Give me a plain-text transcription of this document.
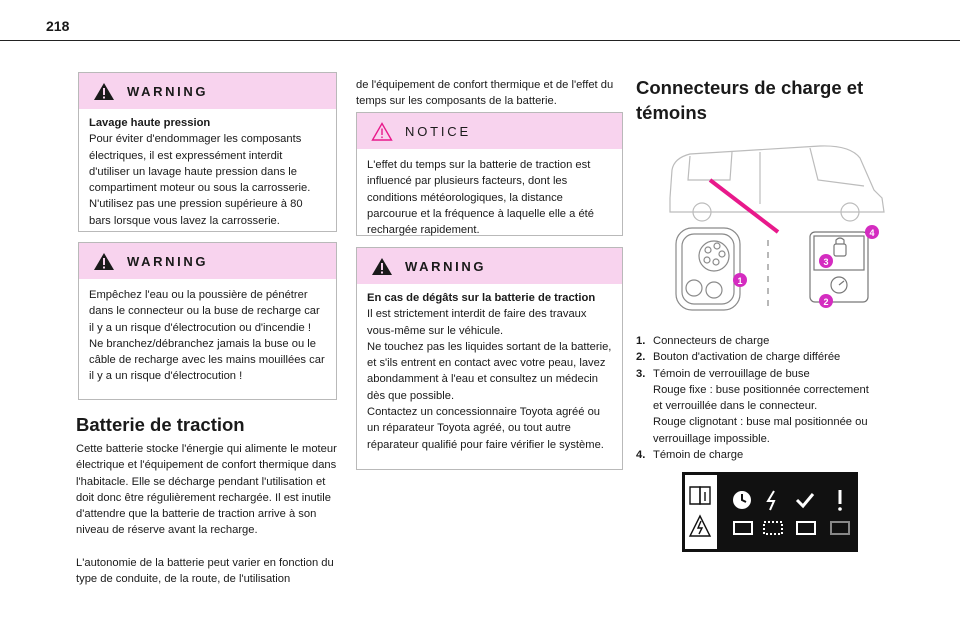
218
WARNING

Lavage haute pression

Pour éviter d'endommager les composants électriques, il est expressément interdit d'utiliser un lavage haute pression dans le compartiment moteur ou sous la carrosserie. N'utilisez pas une pression supérieure à 80 bars lorsque vous lavez la carrosserie.

WARNING

Empêchez l'eau ou la poussière de pénétrer dans le connecteur ou la buse de recharge car il y a un risque d'électrocution ou d'incendie !

Ne branchez/débranchez jamais la buse ou le câble de recharge avec les mains mouillées car il y a un risque d'électrocution !

Batterie de traction

Cette batterie stocke l'énergie qui alimente le moteur électrique et l'équipement de confort thermique dans l'habitacle. Elle se décharge pendant l'utilisation et doit donc être régulièrement rechargée. Il est inutile d'attendre que la batterie de traction arrive à son niveau de réserve avant la recharge.

L'autonomie de la batterie peut varier en fonction du type de conduite, de la route, de l'utilisation

de l'équipement de confort thermique et de l'effet du temps sur les composants de la batterie.

NOTICE

L'effet du temps sur la batterie de traction est influencé par plusieurs facteurs, dont les conditions météorologiques, la distance parcourue et la fréquence à laquelle elle a été rechargée rapidement.

WARNING

En cas de dégâts sur la batterie de traction

Il est strictement interdit de faire des travaux vous-même sur le véhicule.

Ne touchez pas les liquides sortant de la batterie, et s'ils entrent en contact avec votre peau, lavez abondamment à l'eau et consultez un médecin dès que possible.

Contactez un concessionnaire Toyota agréé ou un réparateur Toyota agréé, ou tout autre réparateur qualifié pour faire vérifier le système.

Connecteurs de charge et
témoins
1
2
3
4
1. Connecteurs de charge
2. Bouton d'activation de charge différée
3. Témoin de verrouillage de buse
Rouge fixe : buse positionnée correctement
et verrouillée dans le connecteur.
Rouge clignotant : buse mal positionnée ou
verrouillage impossible.
4. Témoin de charge
